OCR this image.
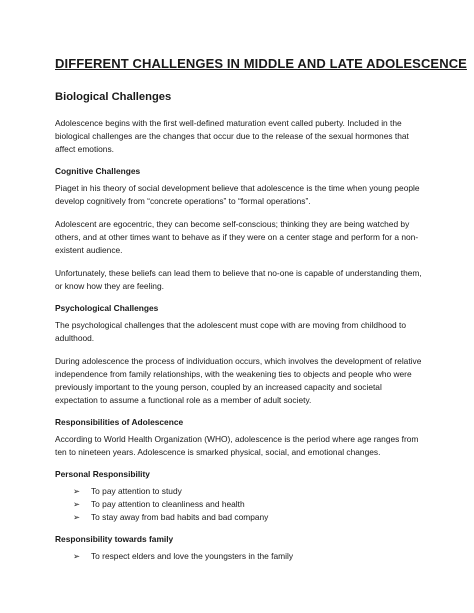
DIFFERENT CHALLENGES IN MIDDLE AND LATE ADOLESCENCE
Biological Challenges

Adolescence begins with the first well-defined maturation event called puberty. Included in the biological challenges are the changes that occur due to the release of the sexual hormones that affect emotions.

Cognitive Challenges

Piaget in his theory of social development believe that adolescence is the time when young people develop cognitively from “concrete operations” to “formal operations”.

Adolescent are egocentric, they can become self-conscious; thinking they are being watched by others, and at other times want to behave as if they were on a center stage and perform for a non-existent audience.

Unfortunately, these beliefs can lead them to believe that no-one is capable of understanding them, or know how they are feeling.

Psychological Challenges

The psychological challenges that the adolescent must cope with are moving from childhood to adulthood.

During adolescence the process of individuation occurs, which involves the development of relative independence from family relationships, with the weakening ties to objects and people who were previously important to the young person, coupled by an increased capacity and societal expectation to assume a functional role as a member of adult society.

Responsibilities of Adolescence

According to World Health Organization (WHO), adolescence is the period where age ranges from ten to nineteen years. Adolescence is smarked physical, social, and emotional changes.

Personal Responsibility
➢ To pay attention to study
➢ To pay attention to cleanliness and health
➢ To stay away from bad habits and bad company
Responsibility towards family
➢ To respect elders and love the youngsters in the family
